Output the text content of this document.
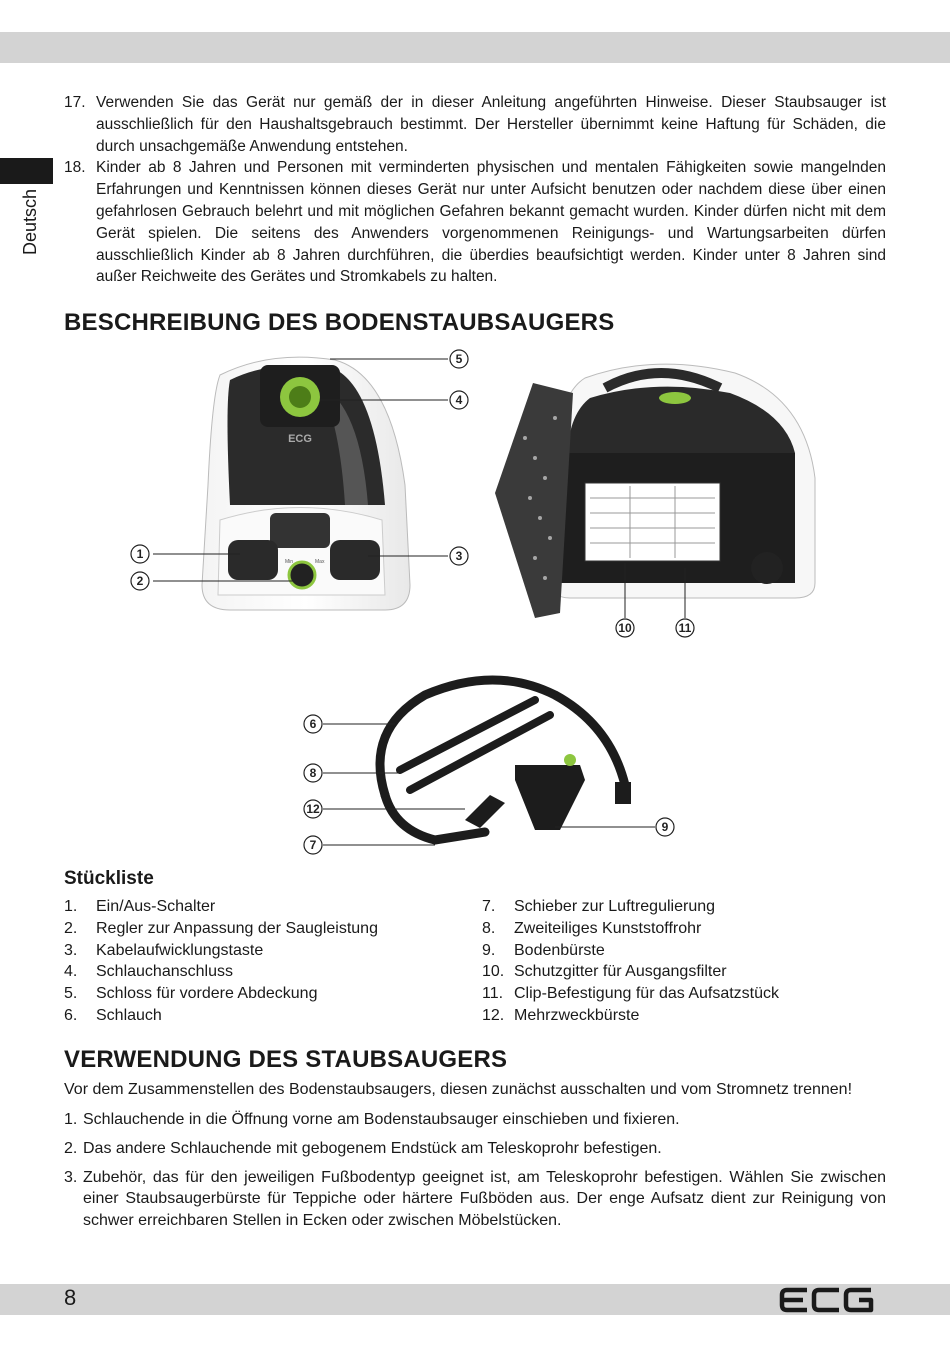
Deutsch
17. Verwenden Sie das Gerät nur gemäß der in dieser Anleitung angeführten Hinweise. Dieser Staubsauger ist ausschließlich für den Haushaltsgebrauch bestimmt. Der Hersteller übernimmt keine Haftung für Schäden, die durch unsachgemäße Anwendung entstehen.
18. Kinder ab 8 Jahren und Personen mit verminderten physischen und mentalen Fähigkeiten sowie mangelnden Erfahrungen und Kenntnissen können dieses Gerät nur unter Aufsicht benutzen oder nachdem diese über einen gefahrlosen Gebrauch belehrt und mit möglichen Gefahren bekannt gemacht wurden. Kinder dürfen nicht mit dem Gerät spielen. Die seitens des Anwenders vorgenommenen Reinigungs- und Wartungsarbeiten dürfen ausschließlich Kinder ab 8 Jahren durchführen, die überdies beaufsichtigt werden. Kinder unter 8 Jahren sind außer Reichweite des Gerätes und Stromkabels zu halten.
BESCHREIBUNG DES BODENSTAUBSAUGERS
ECG
Min	Max
5
4
1
2
3
10	11
6
8
12
7
9
Stückliste
1. Ein/Aus-Schalter
2. Regler zur Anpassung der Saugleistung
3. Kabelaufwicklungstaste
4. Schlauchanschluss
5. Schloss für vordere Abdeckung
6. Schlauch
7. Schieber zur Luftregulierung
8. Zweiteiliges Kunststoffrohr
9. Bodenbürste
10. Schutzgitter für Ausgangsfilter
11. Clip-Befestigung für das Aufsatzstück
12. Mehrzweckbürste
VERWENDUNG DES STAUBSAUGERS
Vor dem Zusammenstellen des Bodenstaubsaugers, diesen zunächst ausschalten und vom Stromnetz trennen!
1. Schlauchende in die Öffnung vorne am Bodenstaubsauger einschieben und fixieren.
2. Das andere Schlauchende mit gebogenem Endstück am Teleskoprohr befestigen.
3. Zubehör, das für den jeweiligen Fußbodentyp geeignet ist, am Teleskoprohr befestigen. Wählen Sie zwischen einer Staubsaugerbürste für Teppiche oder härtere Fußböden aus. Der enge Aufsatz dient zur Reinigung von schwer erreichbaren Stellen in Ecken oder zwischen Möbelstücken.
8
